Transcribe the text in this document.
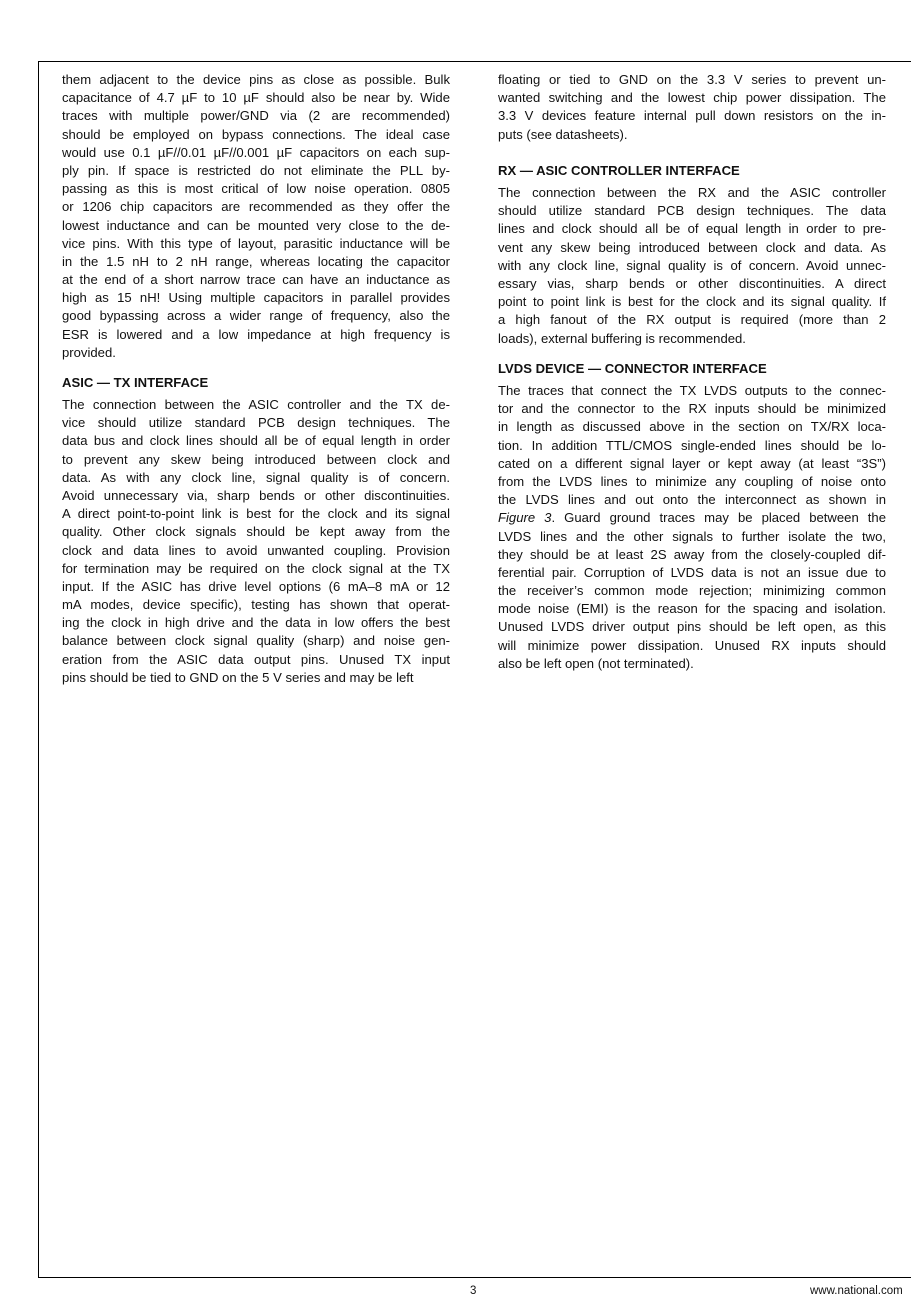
them adjacent to the device pins as close as possible. Bulk
capacitance of 4.7 µF to 10 µF should also be near by. Wide
traces with multiple power/GND via (2 are recommended)
should be employed on bypass connections. The ideal case
would use 0.1 µF//0.01 µF//0.001 µF capacitors on each sup-
ply pin. If space is restricted do not eliminate the PLL by-
passing as this is most critical of low noise operation. 0805
or 1206 chip capacitors are recommended as they offer the
lowest inductance and can be mounted very close to the de-
vice pins. With this type of layout, parasitic inductance will be
in the 1.5 nH to 2 nH range, whereas locating the capacitor
at the end of a short narrow trace can have an inductance as
high as 15 nH! Using multiple capacitors in parallel provides
good bypassing across a wider range of frequency, also the
ESR is lowered and a low impedance at high frequency is
provided.
ASIC — TX INTERFACE
The connection between the ASIC controller and the TX de-
vice should utilize standard PCB design techniques. The
data bus and clock lines should all be of equal length in order
to prevent any skew being introduced between clock and
data. As with any clock line, signal quality is of concern.
Avoid unnecessary via, sharp bends or other discontinuities.
A direct point-to-point link is best for the clock and its signal
quality. Other clock signals should be kept away from the
clock and data lines to avoid unwanted coupling. Provision
for termination may be required on the clock signal at the TX
input. If the ASIC has drive level options (6 mA–8 mA or 12
mA modes, device specific), testing has shown that operat-
ing the clock in high drive and the data in low offers the best
balance between clock signal quality (sharp) and noise gen-
eration from the ASIC data output pins. Unused TX input
pins should be tied to GND on the 5 V series and may be left
floating or tied to GND on the 3.3 V series to prevent un-
wanted switching and the lowest chip power dissipation. The
3.3 V devices feature internal pull down resistors on the in-
puts (see datasheets).
RX — ASIC CONTROLLER INTERFACE
The connection between the RX and the ASIC controller
should utilize standard PCB design techniques. The data
lines and clock should all be of equal length in order to pre-
vent any skew being introduced between clock and data. As
with any clock line, signal quality is of concern. Avoid unnec-
essary vias, sharp bends or other discontinuities. A direct
point to point link is best for the clock and its signal quality. If
a high fanout of the RX output is required (more than 2
loads), external buffering is recommended.
LVDS DEVICE — CONNECTOR INTERFACE
The traces that connect the TX LVDS outputs to the connec-
tor and the connector to the RX inputs should be minimized
in length as discussed above in the section on TX/RX loca-
tion. In addition TTL/CMOS single-ended lines should be lo-
cated on a different signal layer or kept away (at least “3S”)
from the LVDS lines to minimize any coupling of noise onto
the LVDS lines and out onto the interconnect as shown in
Figure 3. Guard ground traces may be placed between the
LVDS lines and the other signals to further isolate the two,
they should be at least 2S away from the closely-coupled dif-
ferential pair. Corruption of LVDS data is not an issue due to
the receiver’s common mode rejection; minimizing common
mode noise (EMI) is the reason for the spacing and isolation.
Unused LVDS driver output pins should be left open, as this
will minimize power dissipation. Unused RX inputs should
also be left open (not terminated).
3	www.national.com
